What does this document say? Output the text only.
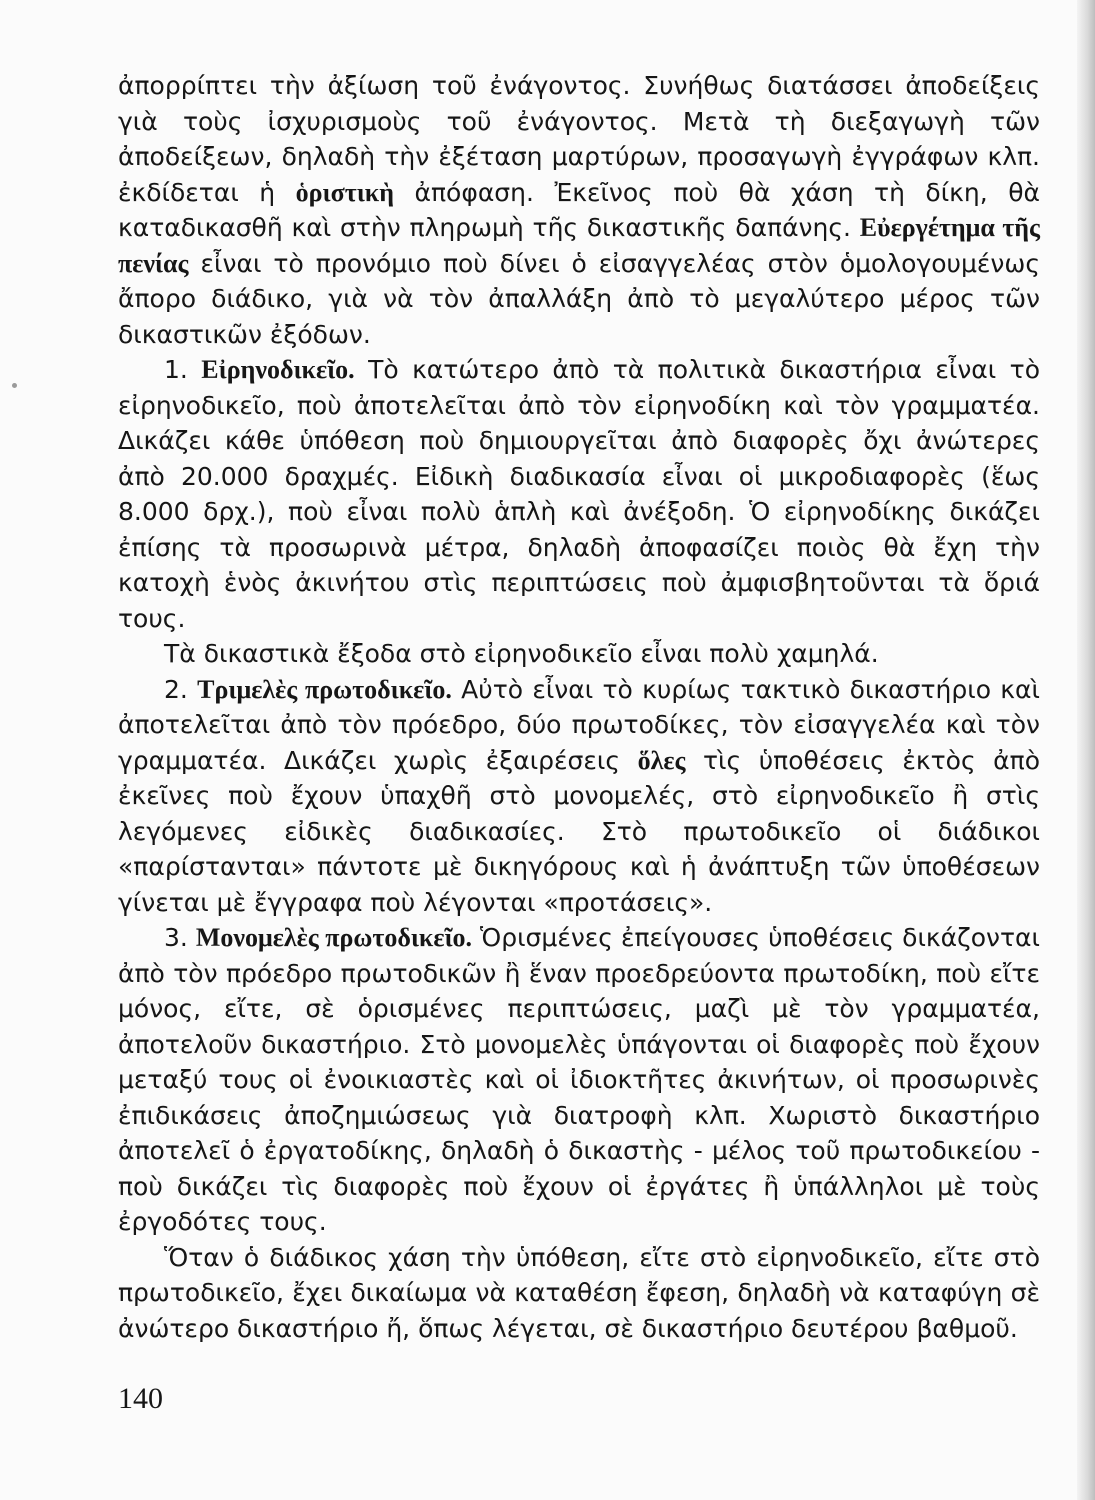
ἀπορρίπτει τὴν ἀξίωση τοῦ ἐνάγοντος. Συνήθως διατάσσει ἀποδείξεις γιὰ τοὺς ἰσχυρισμοὺς τοῦ ἐνάγοντος. Μετὰ τὴ διεξαγωγὴ τῶν ἀποδείξεων, δηλαδὴ τὴν ἐξέταση μαρτύρων, προσαγωγὴ ἐγγράφων κλπ. ἐκδίδεται ἡ ὁριστικὴ ἀπόφαση. Ἐκεῖνος ποὺ θὰ χάση τὴ δίκη, θὰ καταδικασθῆ καὶ στὴν πληρωμὴ τῆς δικαστικῆς δαπάνης. Εὐεργέτημα τῆς πενίας εἶναι τὸ προνόμιο ποὺ δίνει ὁ εἰσαγγελέας στὸν ὁμολογουμένως ἄπορο διάδικο, γιὰ νὰ τὸν ἀπαλλάξη ἀπὸ τὸ μεγαλύτερο μέρος τῶν δικαστικῶν ἐξόδων.

1. Εἰρηνοδικεῖο. Τὸ κατώτερο ἀπὸ τὰ πολιτικὰ δικαστήρια εἶναι τὸ εἰρηνοδικεῖο, ποὺ ἀποτελεῖται ἀπὸ τὸν εἰρηνοδίκη καὶ τὸν γραμματέα. Δικάζει κάθε ὑπόθεση ποὺ δημιουργεῖται ἀπὸ διαφορὲς ὄχι ἀνώτερες ἀπὸ 20.000 δραχμές. Εἰδικὴ διαδικασία εἶναι οἱ μικροδιαφορὲς (ἕως 8.000 δρχ.), ποὺ εἶναι πολὺ ἁπλὴ καὶ ἀνέξοδη. Ὁ εἰρηνοδίκης δικάζει ἐπίσης τὰ προσωρινὰ μέτρα, δηλαδὴ ἀποφασίζει ποιὸς θὰ ἔχη τὴν κατοχὴ ἑνὸς ἀκινήτου στὶς περιπτώσεις ποὺ ἀμφισβητοῦνται τὰ ὅριά τους.

Τὰ δικαστικὰ ἔξοδα στὸ εἰρηνοδικεῖο εἶναι πολὺ χαμηλά.

2. Τριμελὲς πρωτοδικεῖο. Αὐτὸ εἶναι τὸ κυρίως τακτικὸ δικαστήριο καὶ ἀποτελεῖται ἀπὸ τὸν πρόεδρο, δύο πρωτοδίκες, τὸν εἰσαγγελέα καὶ τὸν γραμματέα. Δικάζει χωρὶς ἐξαιρέσεις ὅλες τὶς ὑποθέσεις ἐκτὸς ἀπὸ ἐκεῖνες ποὺ ἔχουν ὑπαχθῆ στὸ μονομελές, στὸ εἰρηνοδικεῖο ἢ στὶς λεγόμενες εἰδικὲς διαδικασίες. Στὸ πρωτοδικεῖο οἱ διάδικοι «παρίστανται» πάντοτε μὲ δικηγόρους καὶ ἡ ἀνάπτυξη τῶν ὑποθέσεων γίνεται μὲ ἔγγραφα ποὺ λέγονται «προτάσεις».

3. Μονομελὲς πρωτοδικεῖο. Ὁρισμένες ἐπείγουσες ὑποθέσεις δικάζονται ἀπὸ τὸν πρόεδρο πρωτοδικῶν ἢ ἕναν προεδρεύοντα πρωτοδίκη, ποὺ εἴτε μόνος, εἴτε, σὲ ὁρισμένες περιπτώσεις, μαζὶ μὲ τὸν γραμματέα, ἀποτελοῦν δικαστήριο. Στὸ μονομελὲς ὑπάγονται οἱ διαφορὲς ποὺ ἔχουν μεταξύ τους οἱ ἐνοικιαστὲς καὶ οἱ ἰδιοκτῆτες ἀκινήτων, οἱ προσωρινὲς ἐπιδικάσεις ἀποζημιώσεως γιὰ διατροφὴ κλπ. Χωριστὸ δικαστήριο ἀποτελεῖ ὁ ἐργατοδίκης, δηλαδὴ ὁ δικαστὴς - μέλος τοῦ πρωτοδικείου - ποὺ δικάζει τὶς διαφορὲς ποὺ ἔχουν οἱ ἐργάτες ἢ ὑπάλληλοι μὲ τοὺς ἐργοδότες τους.

Ὅταν ὁ διάδικος χάση τὴν ὑπόθεση, εἴτε στὸ εἰρηνοδικεῖο, εἴτε στὸ πρωτοδικεῖο, ἔχει δικαίωμα νὰ καταθέση ἔφεση, δηλαδὴ νὰ καταφύγη σὲ ἀνώτερο δικαστήριο ἤ, ὅπως λέγεται, σὲ δικαστήριο δευτέρου βαθμοῦ.

140
